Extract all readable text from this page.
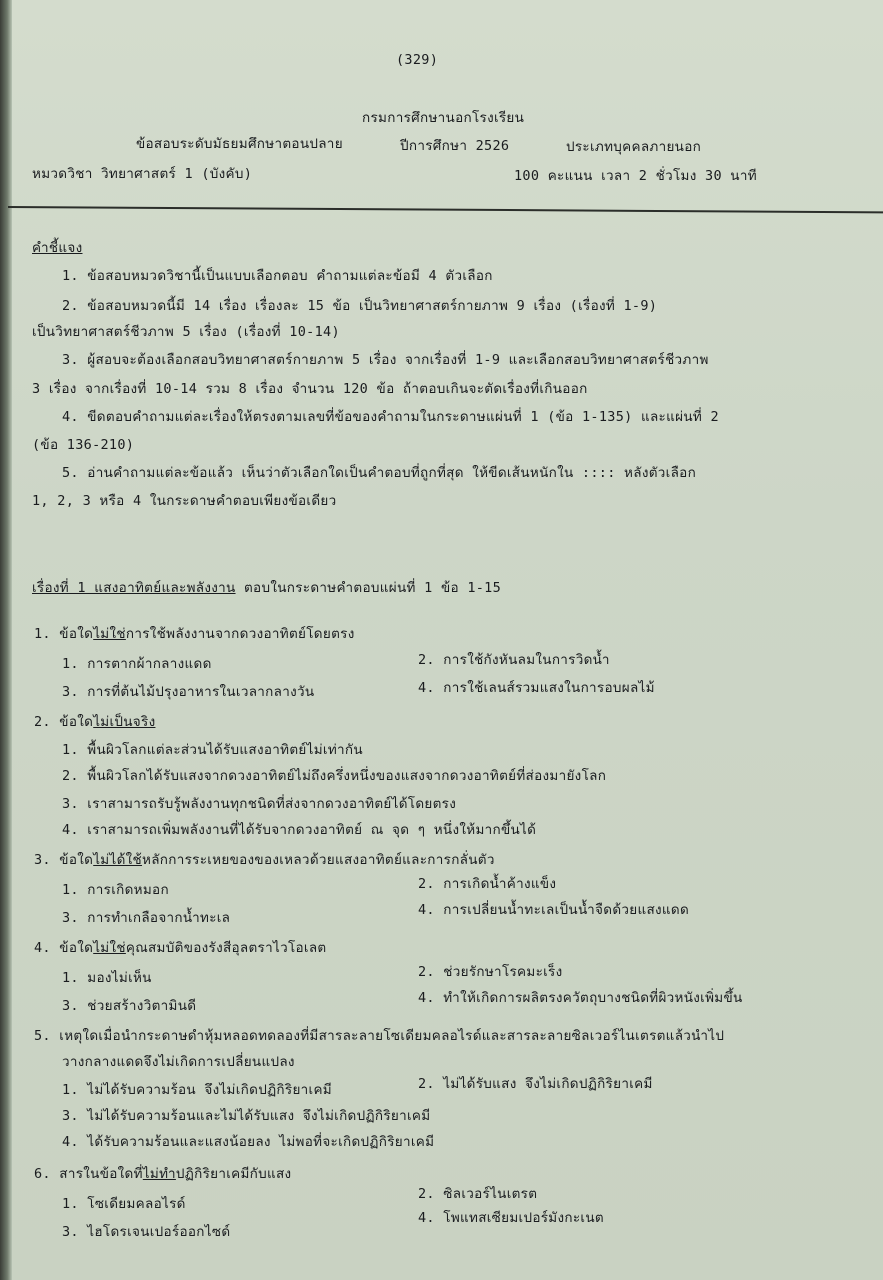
(329)
กรมการศึกษานอกโรงเรียน
ข้อสอบระดับมัธยมศึกษาตอนปลาย	ปีการศึกษา 2526	ประเภทบุคคลภายนอก
หมวดวิชา วิทยาศาสตร์ 1 (บังคับ)	100 คะแนน เวลา 2 ชั่วโมง 30 นาที
คำชี้แจง
1. ข้อสอบหมวดวิชานี้เป็นแบบเลือกตอบ คำถามแต่ละข้อมี 4 ตัวเลือก
2. ข้อสอบหมวดนี้มี 14 เรื่อง เรื่องละ 15 ข้อ เป็นวิทยาศาสตร์กายภาพ 9 เรื่อง (เรื่องที่ 1-9)
เป็นวิทยาศาสตร์ชีวภาพ 5 เรื่อง (เรื่องที่ 10-14)
3. ผู้สอบจะต้องเลือกสอบวิทยาศาสตร์กายภาพ 5 เรื่อง จากเรื่องที่ 1-9 และเลือกสอบวิทยาศาสตร์ชีวภาพ
3 เรื่อง จากเรื่องที่ 10-14 รวม 8 เรื่อง จำนวน 120 ข้อ ถ้าตอบเกินจะตัดเรื่องที่เกินออก
4. ขีดตอบคำถามแต่ละเรื่องให้ตรงตามเลขที่ข้อของคำถามในกระดาษแผ่นที่ 1 (ข้อ 1-135) และแผ่นที่ 2
(ข้อ 136-210)
5. อ่านคำถามแต่ละข้อแล้ว เห็นว่าตัวเลือกใดเป็นคำตอบที่ถูกที่สุด ให้ขีดเส้นหนักใน :::: หลังตัวเลือก
1, 2, 3 หรือ 4 ในกระดาษคำตอบเพียงข้อเดียว
เรื่องที่ 1 แสงอาทิตย์และพลังงาน ตอบในกระดาษคำตอบแผ่นที่ 1 ข้อ 1-15
1. ข้อใดไม่ใช่การใช้พลังงานจากดวงอาทิตย์โดยตรง
1. การตากผ้ากลางแดด	2. การใช้กังหันลมในการวิดน้ำ
3. การที่ต้นไม้ปรุงอาหารในเวลากลางวัน	4. การใช้เลนส์รวมแสงในการอบผลไม้
2. ข้อใดไม่เป็นจริง
1. พื้นผิวโลกแต่ละส่วนได้รับแสงอาทิตย์ไม่เท่ากัน
2. พื้นผิวโลกได้รับแสงจากดวงอาทิตย์ไม่ถึงครึ่งหนึ่งของแสงจากดวงอาทิตย์ที่ส่องมายังโลก
3. เราสามารถรับรู้พลังงานทุกชนิดที่ส่งจากดวงอาทิตย์ได้โดยตรง
4. เราสามารถเพิ่มพลังงานที่ได้รับจากดวงอาทิตย์ ณ จุด ๆ หนึ่งให้มากขึ้นได้
3. ข้อใดไม่ได้ใช้หลักการระเหยของของเหลวด้วยแสงอาทิตย์และการกลั่นตัว
1. การเกิดหมอก	2. การเกิดน้ำค้างแข็ง
3. การทำเกลือจากน้ำทะเล	4. การเปลี่ยนน้ำทะเลเป็นน้ำจืดด้วยแสงแดด
4. ข้อใดไม่ใช่คุณสมบัติของรังสีอุลตราไวโอเลต
1. มองไม่เห็น	2. ช่วยรักษาโรคมะเร็ง
3. ช่วยสร้างวิตามินดี	4. ทำให้เกิดการผลิตรงควัตถุบางชนิดที่ผิวหนังเพิ่มขึ้น
5. เหตุใดเมื่อนำกระดาษดำหุ้มหลอดทดลองที่มีสารละลายโซเดียมคลอไรด์และสารละลายซิลเวอร์ไนเตรตแล้วนำไป
วางกลางแดดจึงไม่เกิดการเปลี่ยนแปลง
1. ไม่ได้รับความร้อน จึงไม่เกิดปฏิกิริยาเคมี	2. ไม่ได้รับแสง จึงไม่เกิดปฏิกิริยาเคมี
3. ไม่ได้รับความร้อนและไม่ได้รับแสง จึงไม่เกิดปฏิกิริยาเคมี
4. ได้รับความร้อนและแสงน้อยลง ไม่พอที่จะเกิดปฏิกิริยาเคมี
6. สารในข้อใดที่ไม่ทำปฏิกิริยาเคมีกับแสง
1. โซเดียมคลอไรด์
2. ซิลเวอร์ไนเตรต
3. ไฮโดรเจนเปอร์ออกไซด์
4. โพแทสเซียมเปอร์มังกะเนต
